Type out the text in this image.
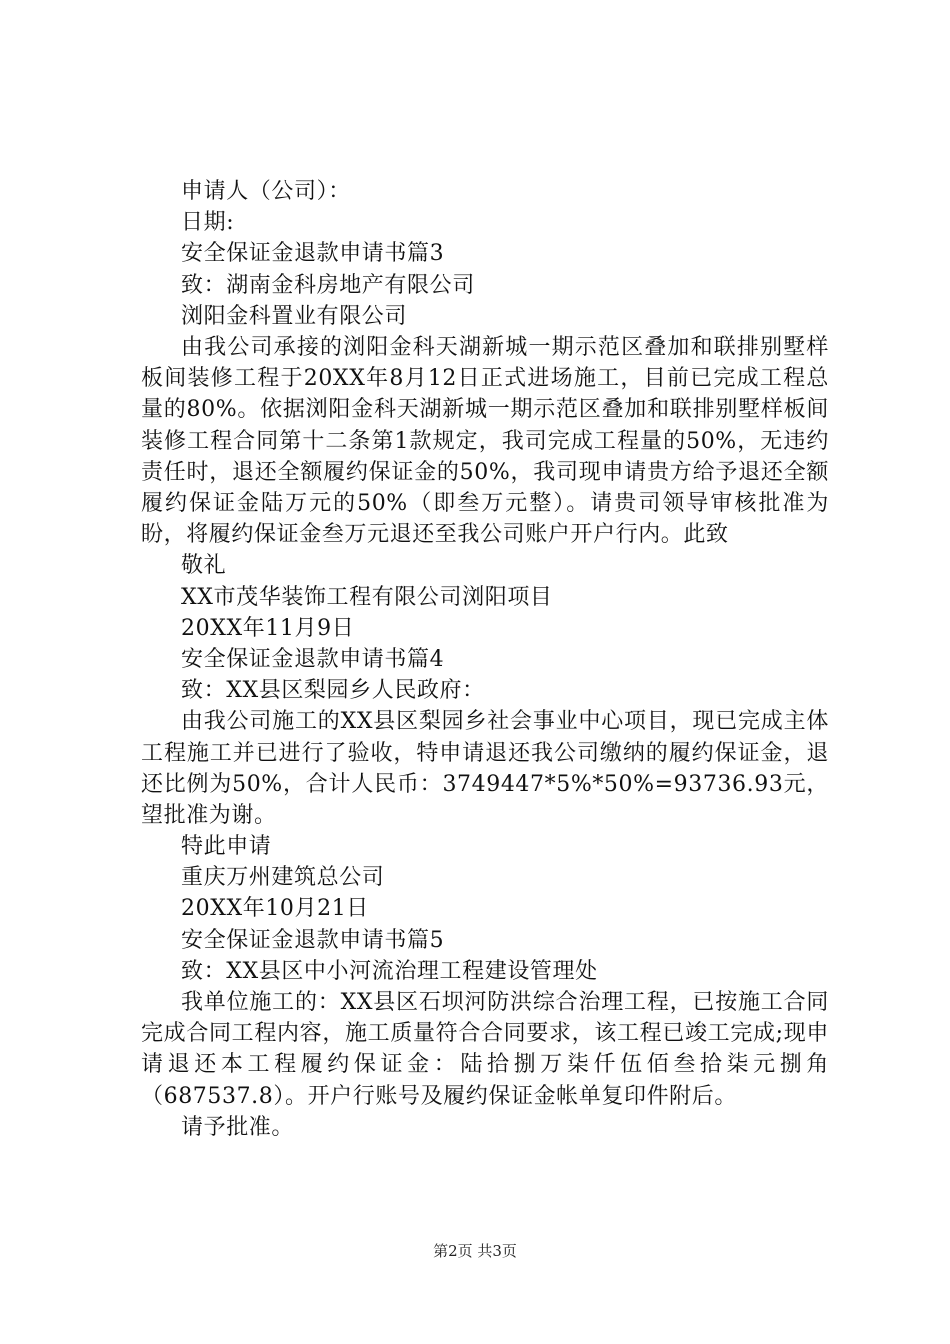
申请人（公司）：
日期:
安全保证金退款申请书篇3
致：湖南金科房地产有限公司
浏阳金科置业有限公司
由我公司承接的浏阳金科天湖新城一期示范区叠加和联排别墅样板间装修工程于20XX年8月12日正式进场施工，目前已完成工程总量的80%。依据浏阳金科天湖新城一期示范区叠加和联排别墅样板间装修工程合同第十二条第1款规定，我司完成工程量的50%，无违约责任时，退还全额履约保证金的50%，我司现申请贵方给予退还全额履约保证金陆万元的50%（即叁万元整）。请贵司领导审核批准为盼，将履约保证金叁万元退还至我公司账户开户行内。此致
敬礼
XX市茂华装饰工程有限公司浏阳项目
20XX年11月9日
安全保证金退款申请书篇4
致：XX县区梨园乡人民政府：
由我公司施工的XX县区梨园乡社会事业中心项目，现已完成主体工程施工并已进行了验收，特申请退还我公司缴纳的履约保证金，退还比例为50%，合计人民币：3749447*5%*50%=93736.93元，望批准为谢。
特此申请
重庆万州建筑总公司
20XX年10月21日
安全保证金退款申请书篇5
致：XX县区中小河流治理工程建设管理处
我单位施工的：XX县区石坝河防洪综合治理工程，已按施工合同完成合同工程内容，施工质量符合合同要求，该工程已竣工完成;现申请退还本工程履约保证金：陆拾捌万柒仟伍佰叁拾柒元捌角（687537.8）。开户行账号及履约保证金帐单复印件附后。
请予批准。
第2页 共3页
